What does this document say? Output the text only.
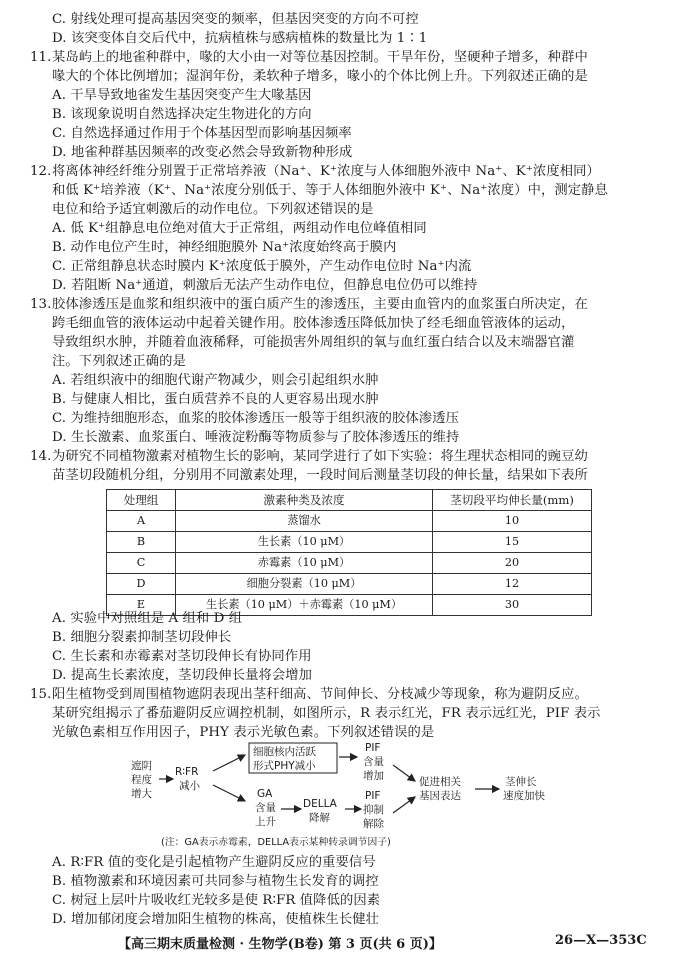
C. 射线处理可提高基因突变的频率，但基因突变的方向不可控
D. 该突变体自交后代中，抗病植株与感病植株的数量比为 1∶1
11.某岛屿上的地雀种群中，喙的大小由一对等位基因控制。干旱年份，坚硬种子增多，种群中
喙大的个体比例增加；湿润年份，柔软种子增多，喙小的个体比例上升。下列叙述正确的是
A. 干旱导致地雀发生基因突变产生大喙基因
B. 该现象说明自然选择决定生物进化的方向
C. 自然选择通过作用于个体基因型而影响基因频率
D. 地雀种群基因频率的改变必然会导致新物种形成
12.将离体神经纤维分别置于正常培养液（Na⁺、K⁺浓度与人体细胞外液中 Na⁺、K⁺浓度相同）
和低 K⁺培养液（K⁺、Na⁺浓度分别低于、等于人体细胞外液中 K⁺、Na⁺浓度）中，测定静息
电位和给予适宜刺激后的动作电位。下列叙述错误的是
A. 低 K⁺组静息电位绝对值大于正常组，两组动作电位峰值相同
B. 动作电位产生时，神经细胞膜外 Na⁺浓度始终高于膜内
C. 正常组静息状态时膜内 K⁺浓度低于膜外，产生动作电位时 Na⁺内流
D. 若阻断 Na⁺通道，刺激后无法产生动作电位，但静息电位仍可以维持
13.胶体渗透压是血浆和组织液中的蛋白质产生的渗透压，主要由血管内的血浆蛋白所决定，在
跨毛细血管的液体运动中起着关键作用。胶体渗透压降低加快了经毛细血管液体的运动，
导致组织水肿，并随着血液稀释，可能损害外周组织的氧与血红蛋白结合以及末端器官灌
注。下列叙述正确的是
A. 若组织液中的细胞代谢产物减少，则会引起组织水肿
B. 与健康人相比，蛋白质营养不良的人更容易出现水肿
C. 为维持细胞形态，血浆的胶体渗透压一般等于组织液的胶体渗透压
D. 生长激素、血浆蛋白、唾液淀粉酶等物质参与了胶体渗透压的维持
14.为研究不同植物激素对植物生长的影响，某同学进行了如下实验：将生理状态相同的豌豆幼
苗茎切段随机分组，分别用不同激素处理，一段时间后测量茎切段的伸长量，结果如下表所
处理组	激素种类及浓度	茎切段平均伸长量(mm)
A	蒸馏水	10
B	生长素（10 μM）	15
C	赤霉素（10 μM）	20
D	细胞分裂素（10 μM）	12
E	生长素（10 μM）＋赤霉素（10 μM）	30
A. 实验中对照组是 A 组和 D 组
B. 细胞分裂素抑制茎切段伸长
C. 生长素和赤霉素对茎切段伸长有协同作用
D. 提高生长素浓度，茎切段伸长量将会增加
15.阳生植物受到周围植物遮阴表现出茎秆细高、节间伸长、分枝减少等现象，称为避阴反应。
某研究组揭示了番茄避阴反应调控机制，如图所示，R 表示红光，FR 表示远红光，PIF 表示
光敏色素相互作用因子，PHY 表示光敏色素。下列叙述错误的是
遮阴
程度
增大
R∶FR
减小
细胞核内活跃
形式PHY减小
GA
含量
上升
DELLA
降解
PIF
含量
增加
PIF
抑制
解除
促进相关
基因表达
茎伸长
速度加快
(注：GA表示赤霉素，DELLA表示某种转录调节因子)
A. R∶FR 值的变化是引起植物产生避阴反应的重要信号
B. 植物激素和环境因素可共同参与植物生长发育的调控
C. 树冠上层叶片吸收红光较多是使 R∶FR 值降低的因素
D. 增加郁闭度会增加阳生植物的株高，使植株生长健壮
【高三期末质量检测 · 生物学(B卷) 第 3 页(共 6 页)】	26—X—353C
